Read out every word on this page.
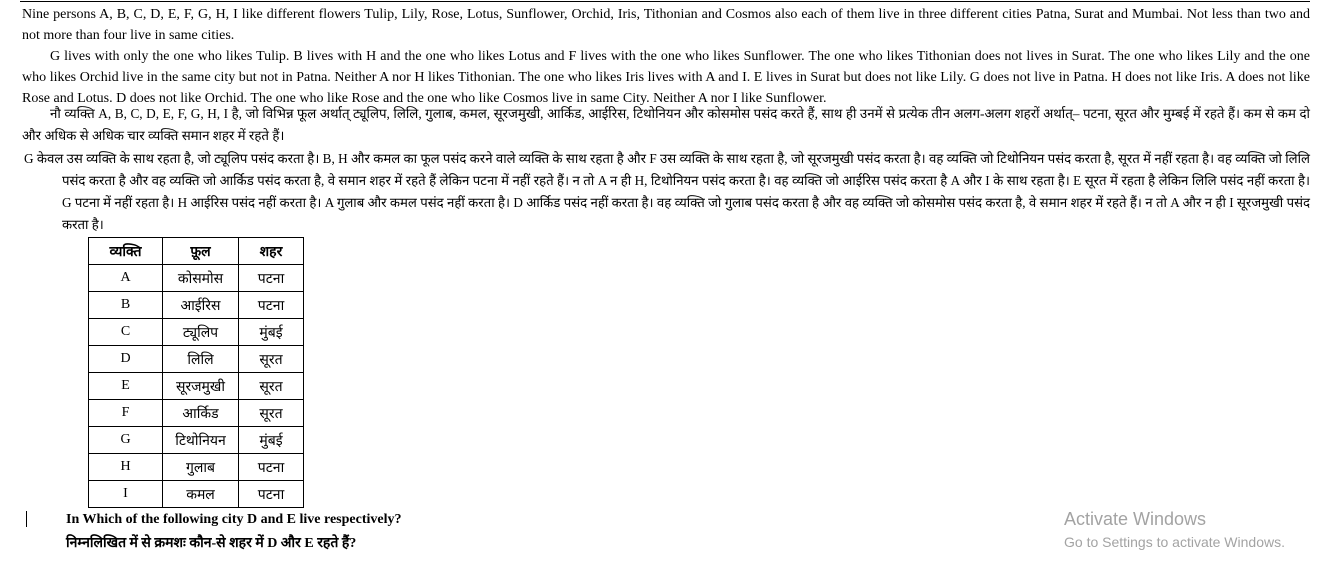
Nine persons A, B, C, D, E, F, G, H, I like different flowers Tulip, Lily, Rose, Lotus, Sunflower, Orchid, Iris, Tithonian and Cosmos also each of them live in three different cities Patna, Surat and Mumbai. Not less than two and not more than four live in same cities.

G lives with only the one who likes Tulip. B lives with H and the one who likes Lotus and F lives with the one who likes Sunflower. The one who likes Tithonian does not lives in Surat. The one who likes Lily and the one who likes Orchid live in the same city but not in Patna. Neither A nor H likes Tithonian. The one who likes Iris lives with A and I. E lives in Surat but does not like Lily. G does not live in Patna. H does not like Iris. A does not like Rose and Lotus. D does not like Orchid. The one who like Rose and the one who like Cosmos live in same City. Neither A nor I like Sunflower.

नौ व्यक्ति A, B, C, D, E, F, G, H, I है, जो विभिन्न फूल अर्थात् ट्यूलिप, लिलि, गुलाब, कमल, सूरजमुखी, आर्किड, आईरिस, टिथोनियन और कोसमोस पसंद करते हैं, साथ ही उनमें से प्रत्येक तीन अलग-अलग शहरों अर्थात्– पटना, सूरत और मुम्बई में रहते हैं। कम से कम दो और अधिक से अधिक चार व्यक्ति समान शहर में रहते हैं।

G केवल उस व्यक्ति के साथ रहता है, जो ट्यूलिप पसंद करता है। B, H और कमल का फूल पसंद करने वाले व्यक्ति के साथ रहता है और F उस व्यक्ति के साथ रहता है, जो सूरजमुखी पसंद करता है। वह व्यक्ति जो टिथोनियन पसंद करता है, सूरत में नहीं रहता है। वह व्यक्ति जो लिलि पसंद करता है और वह व्यक्ति जो आर्किड पसंद करता है, वे समान शहर में रहते हैं लेकिन पटना में नहीं रहते हैं। न तो A न ही H, टिथोनियन पसंद करता है। वह व्यक्ति जो आईरिस पसंद करता है A और I के साथ रहता है। E सूरत में रहता है लेकिन लिलि पसंद नहीं करता है। G पटना में नहीं रहता है। H आईरिस पसंद नहीं करता है। A गुलाब और कमल पसंद नहीं करता है। D आर्किड पसंद नहीं करता है। वह व्यक्ति जो गुलाब पसंद करता है और वह व्यक्ति जो कोसमोस पसंद करता है, वे समान शहर में रहते हैं। न तो A और न ही I सूरजमुखी पसंद करता है।

व्यक्ति	फ़ूल	शहर
A	कोसमोस	पटना
B	आईरिस	पटना
C	ट्यूलिप	मुंबई
D	लिलि	सूरत
E	सूरजमुखी	सूरत
F	आर्किड	सूरत
G	टिथोनियन	मुंबई
H	गुलाब	पटना
I	कमल	पटना
In Which of the following city D and E live respectively?
निम्नलिखित में से क्रमशः कौन-से शहर में D और E रहते हैं?
Activate Windows
Go to Settings to activate Windows.
